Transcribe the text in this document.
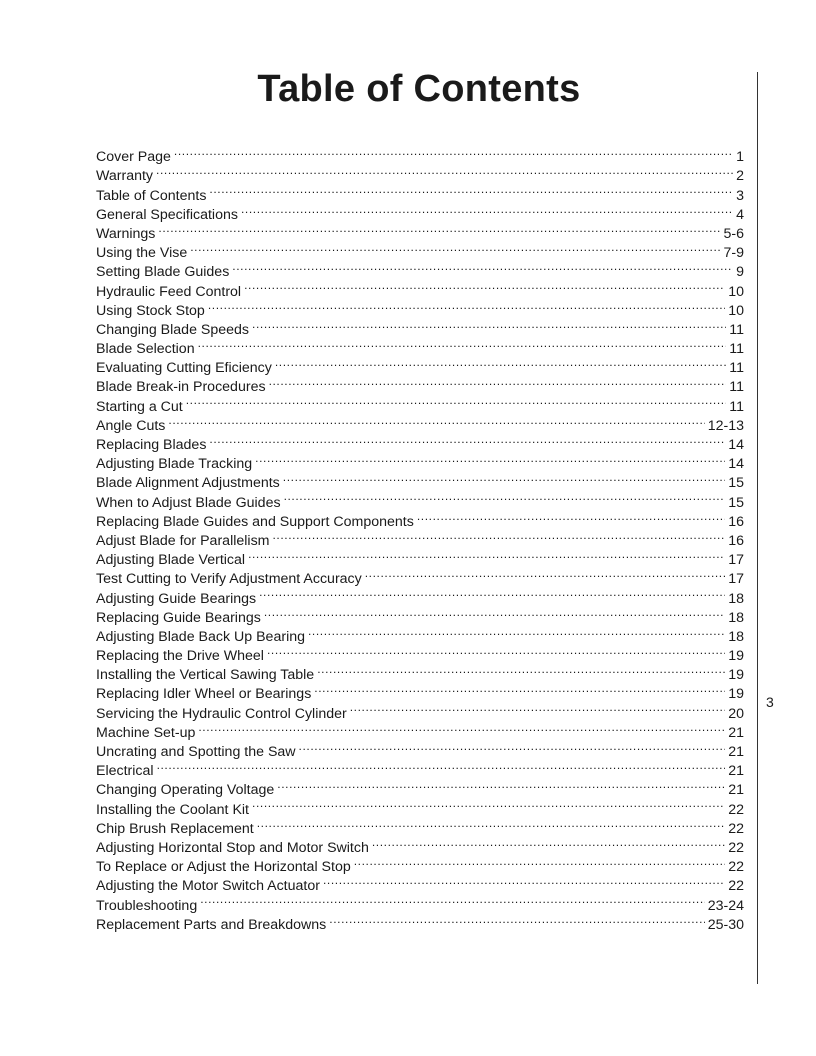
Table of Contents
Cover Page .....	1
Warranty .....	2
Table of Contents .....	3
General Specifications .....	4
Warnings .....	5-6
Using the Vise .....	7-9
Setting Blade Guides .....	9
Hydraulic Feed Control .....	10
Using Stock Stop .....	10
Changing Blade Speeds .....	11
Blade Selection .....	11
Evaluating Cutting Eficiency .....	11
Blade Break-in Procedures .....	11
Starting a Cut .....	11
Angle Cuts .....	12-13
Replacing Blades .....	14
Adjusting Blade Tracking .....	14
Blade Alignment Adjustments .....	15
When to Adjust Blade Guides .....	15
Replacing Blade Guides and Support Components .....	16
Adjust Blade for Parallelism .....	16
Adjusting Blade Vertical .....	17
Test Cutting to Verify Adjustment Accuracy .....	17
Adjusting Guide Bearings .....	18
Replacing Guide Bearings .....	18
Adjusting Blade Back Up Bearing .....	18
Replacing the Drive Wheel .....	19
Installing the Vertical Sawing Table .....	19
Replacing Idler Wheel or Bearings .....	19
Servicing the Hydraulic Control Cylinder .....	20
Machine Set-up .....	21
Uncrating and Spotting the Saw .....	21
Electrical .....	21
Changing Operating Voltage .....	21
Installing the Coolant Kit .....	22
Chip Brush Replacement .....	22
Adjusting Horizontal Stop and Motor Switch .....	22
To Replace or Adjust the Horizontal Stop .....	22
Adjusting the Motor Switch Actuator .....	22
Troubleshooting .....	23-24
Replacement Parts and Breakdowns .....	25-30
3
